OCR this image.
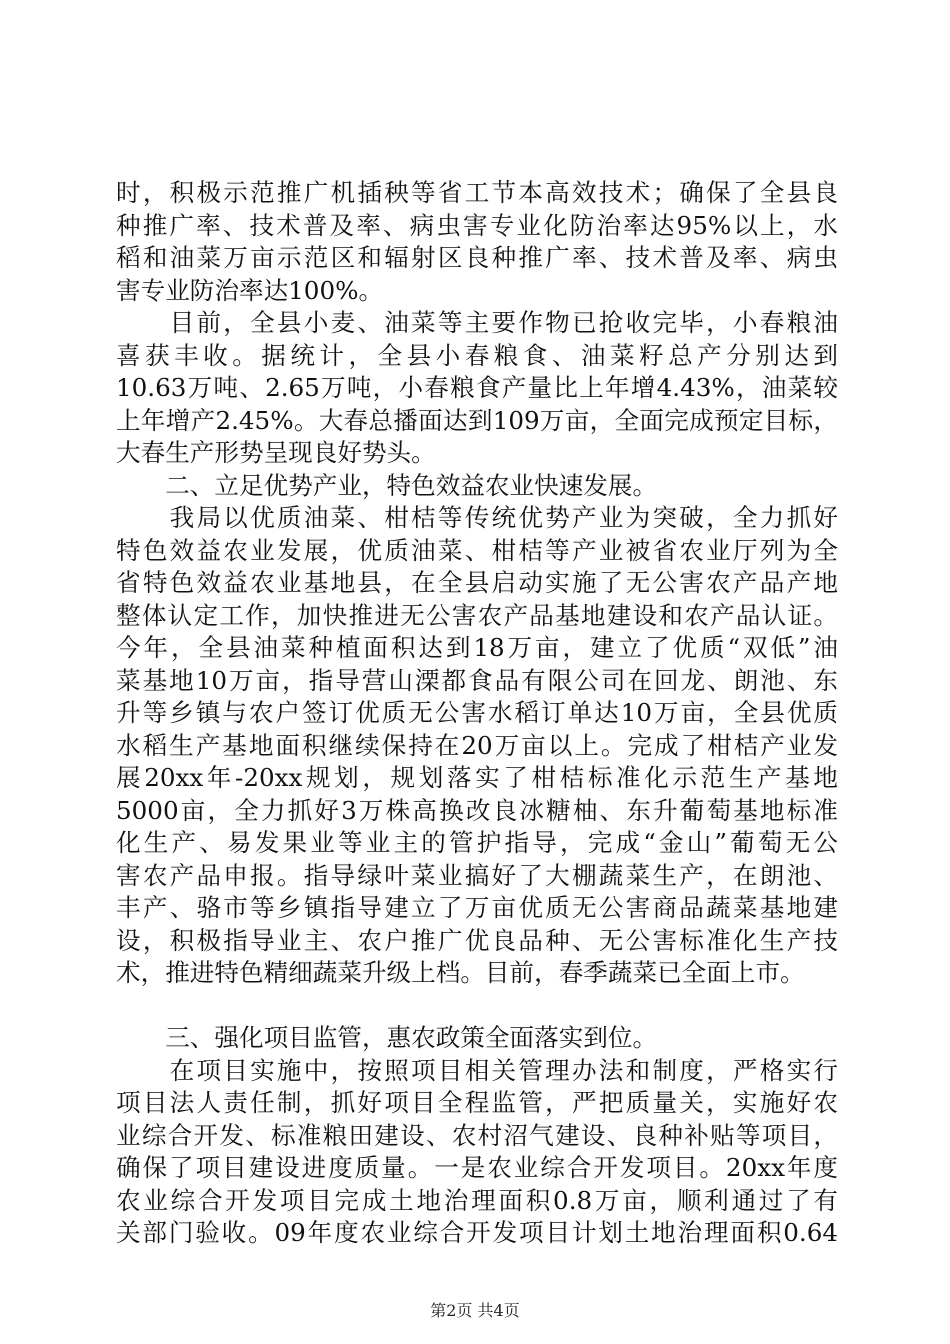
时，积极示范推广机插秧等省工节本高效技术；确保了全县良
种推广率、技术普及率、病虫害专业化防治率达95%以上，水
稻和油菜万亩示范区和辐射区良种推广率、技术普及率、病虫
害专业防治率达100%。
　　目前，全县小麦、油菜等主要作物已抢收完毕，小春粮油
喜获丰收。据统计，全县小春粮食、油菜籽总产分别达到
10.63万吨、2.65万吨，小春粮食产量比上年增4.43%，油菜较
上年增产2.45%。大春总播面达到109万亩，全面完成预定目标，
大春生产形势呈现良好势头。
　　二、立足优势产业，特色效益农业快速发展。
　　我局以优质油菜、柑桔等传统优势产业为突破，全力抓好
特色效益农业发展，优质油菜、柑桔等产业被省农业厅列为全
省特色效益农业基地县，在全县启动实施了无公害农产品产地
整体认定工作，加快推进无公害农产品基地建设和农产品认证。
今年，全县油菜种植面积达到18万亩，建立了优质“双低”油
菜基地10万亩，指导营山溧都食品有限公司在回龙、朗池、东
升等乡镇与农户签订优质无公害水稻订单达10万亩，全县优质
水稻生产基地面积继续保持在20万亩以上。完成了柑桔产业发
展20xx年-20xx规划，规划落实了柑桔标准化示范生产基地
5000亩，全力抓好3万株高换改良冰糖柚、东升葡萄基地标准
化生产、易发果业等业主的管护指导，完成“金山”葡萄无公
害农产品申报。指导绿叶菜业搞好了大棚蔬菜生产，在朗池、
丰产、骆市等乡镇指导建立了万亩优质无公害商品蔬菜基地建
设，积极指导业主、农户推广优良品种、无公害标准化生产技
术，推进特色精细蔬菜升级上档。目前，春季蔬菜已全面上市。
　　三、强化项目监管，惠农政策全面落实到位。
　　在项目实施中，按照项目相关管理办法和制度，严格实行
项目法人责任制，抓好项目全程监管，严把质量关，实施好农
业综合开发、标准粮田建设、农村沼气建设、良种补贴等项目，
确保了项目建设进度质量。一是农业综合开发项目。20xx年度
农业综合开发项目完成土地治理面积0.8万亩，顺利通过了有
关部门验收。09年度农业综合开发项目计划土地治理面积0.64
第2页 共4页
